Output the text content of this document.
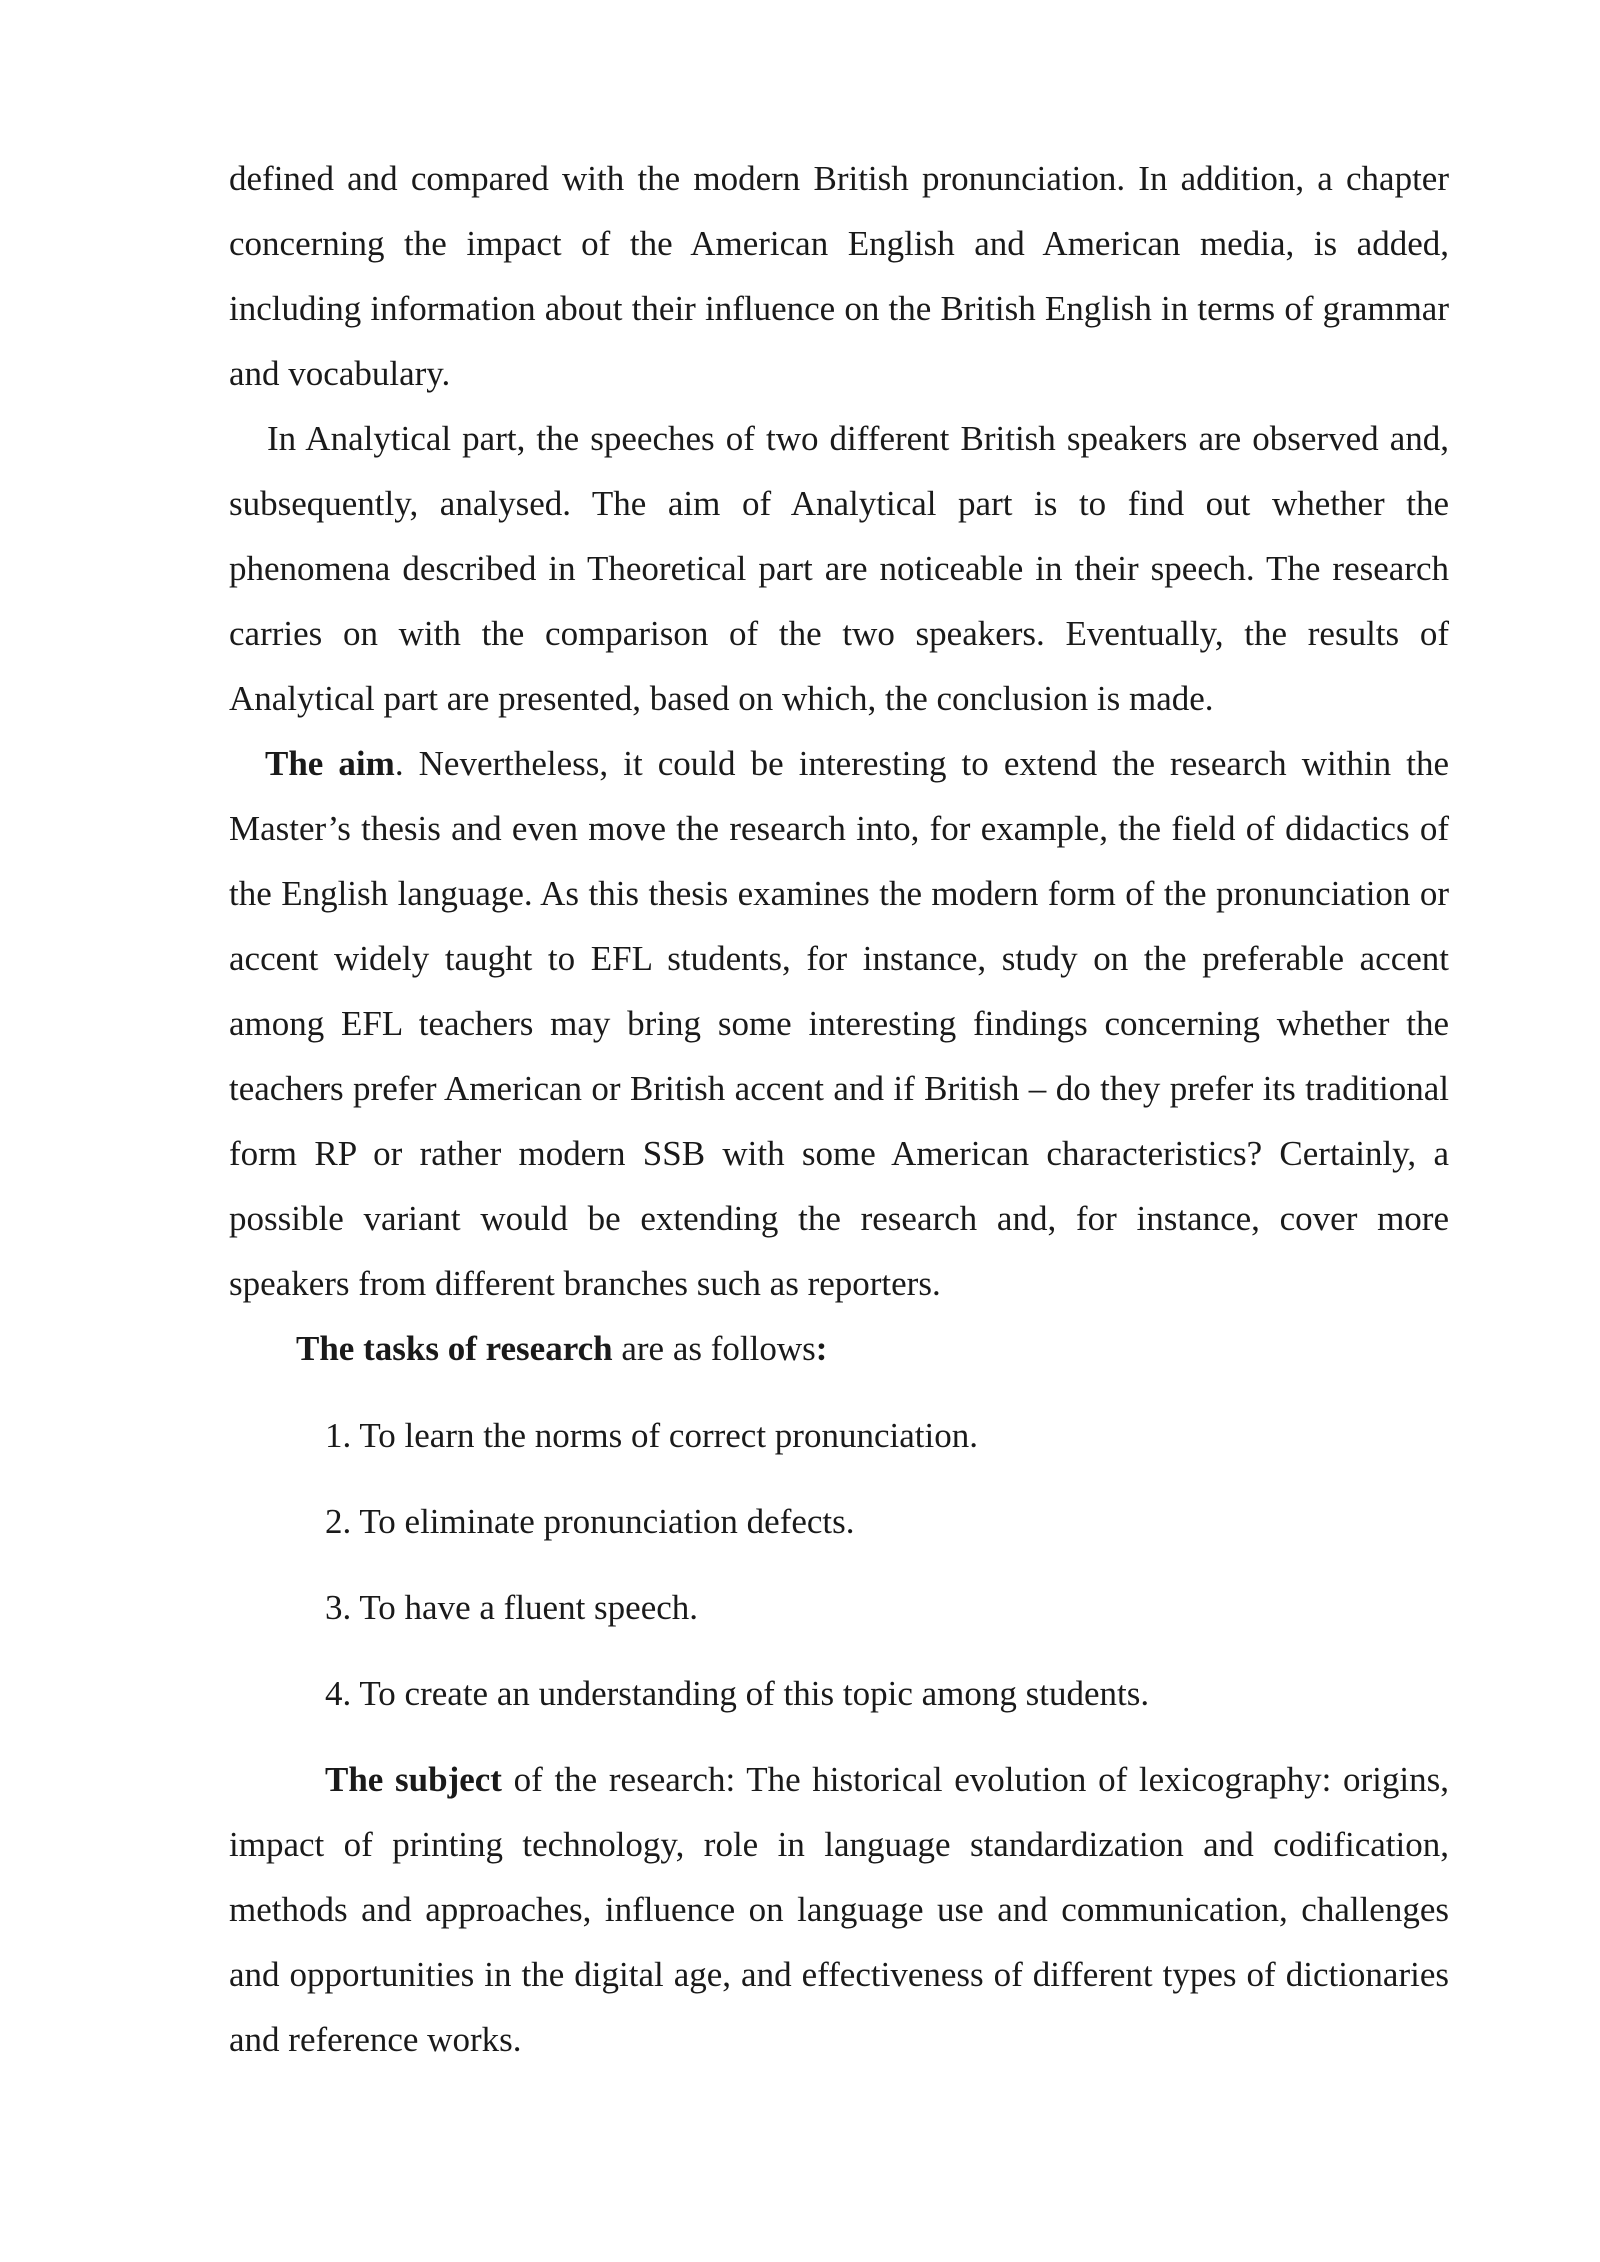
defined and compared with the modern British pronunciation. In addition, a chapter concerning the impact of the American English and American media, is added, including information about their influence on the British English in terms of grammar and vocabulary.

In Analytical part, the speeches of two different British speakers are observed and, subsequently, analysed. The aim of Analytical part is to find out whether the phenomena described in Theoretical part are noticeable in their speech. The research carries on with the comparison of the two speakers. Eventually, the results of Analytical part are presented, based on which, the conclusion is made.

The aim. Nevertheless, it could be interesting to extend the research within the Master’s thesis and even move the research into, for example, the field of didactics of the English language. As this thesis examines the modern form of the pronunciation or accent widely taught to EFL students, for instance, study on the preferable accent among EFL teachers may bring some interesting findings concerning whether the teachers prefer American or British accent and if British – do they prefer its traditional form RP or rather modern SSB with some American characteristics? Certainly, a possible variant would be extending the research and, for instance, cover more speakers from different branches such as reporters.

The tasks of research are as follows:

1. To learn the norms of correct pronunciation.
2. To eliminate pronunciation defects.
3. To have a fluent speech.
4. To create an understanding of this topic among students.

The subject of the research: The historical evolution of lexicography: origins, impact of printing technology, role in language standardization and codification, methods and approaches, influence on language use and communication, challenges and opportunities in the digital age, and effectiveness of different types of dictionaries and reference works.
